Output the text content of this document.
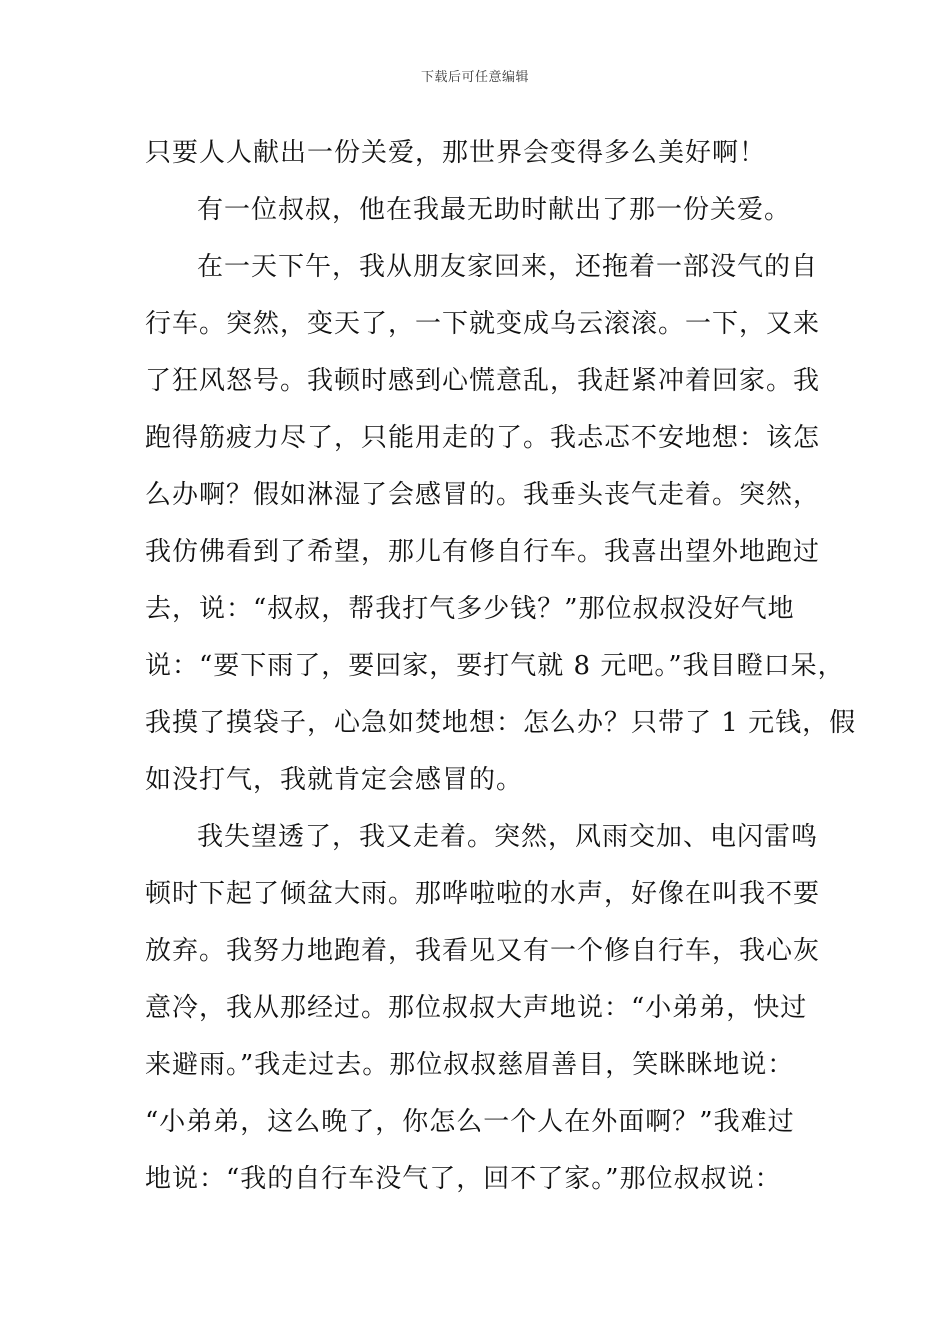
下载后可任意编辑
只要人人献出一份关爱，那世界会变得多么美好啊！
有一位叔叔，他在我最无助时献出了那一份关爱。
在一天下午，我从朋友家回来，还拖着一部没气的自
行车。突然，变天了，一下就变成乌云滚滚。一下，又来
了狂风怒号。我顿时感到心慌意乱，我赶紧冲着回家。我
跑得筋疲力尽了，只能用走的了。我忐忑不安地想：该怎
么办啊？假如淋湿了会感冒的。我垂头丧气走着。突然，
我仿佛看到了希望，那儿有修自行车。我喜出望外地跑过
去，说：“叔叔，帮我打气多少钱？”那位叔叔没好气地
说：“要下雨了，要回家，要打气就 8 元吧。”我目瞪口呆，
我摸了摸袋子，心急如焚地想：怎么办？只带了 1 元钱，假
如没打气，我就肯定会感冒的。
我失望透了，我又走着。突然，风雨交加、电闪雷鸣
顿时下起了倾盆大雨。那哗啦啦的水声，好像在叫我不要
放弃。我努力地跑着，我看见又有一个修自行车，我心灰
意冷，我从那经过。那位叔叔大声地说：“小弟弟，快过
来避雨。”我走过去。那位叔叔慈眉善目，笑眯眯地说：
“小弟弟，这么晚了，你怎么一个人在外面啊？”我难过
地说：“我的自行车没气了，回不了家。”那位叔叔说：
